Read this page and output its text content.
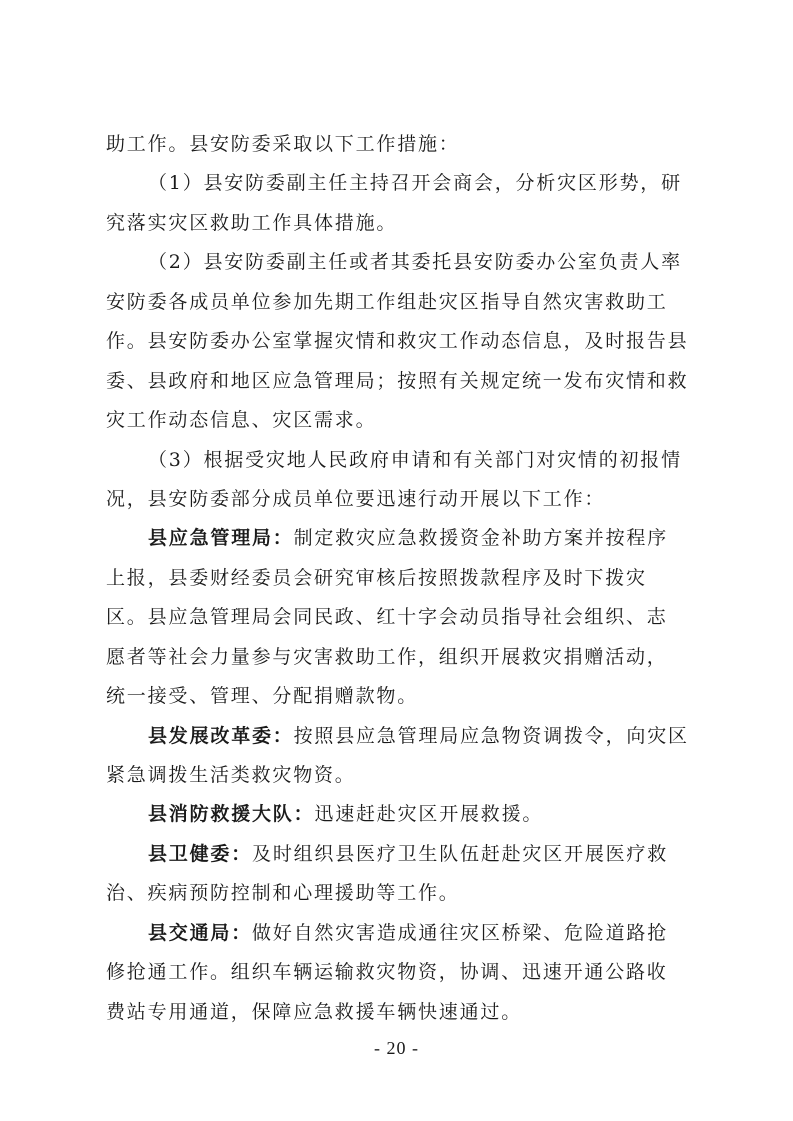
助工作。县安防委采取以下工作措施：
（1）县安防委副主任主持召开会商会，分析灾区形势，研
究落实灾区救助工作具体措施。
（2）县安防委副主任或者其委托县安防委办公室负责人率
安防委各成员单位参加先期工作组赴灾区指导自然灾害救助工
作。县安防委办公室掌握灾情和救灾工作动态信息，及时报告县
委、县政府和地区应急管理局；按照有关规定统一发布灾情和救
灾工作动态信息、灾区需求。
（3）根据受灾地人民政府申请和有关部门对灾情的初报情
况，县安防委部分成员单位要迅速行动开展以下工作：
县应急管理局：制定救灾应急救援资金补助方案并按程序
上报，县委财经委员会研究审核后按照拨款程序及时下拨灾
区。县应急管理局会同民政、红十字会动员指导社会组织、志
愿者等社会力量参与灾害救助工作，组织开展救灾捐赠活动，
统一接受、管理、分配捐赠款物。
县发展改革委：按照县应急管理局应急物资调拨令，向灾区
紧急调拨生活类救灾物资。
县消防救援大队：迅速赶赴灾区开展救援。
县卫健委：及时组织县医疗卫生队伍赶赴灾区开展医疗救
治、疾病预防控制和心理援助等工作。
县交通局：做好自然灾害造成通往灾区桥梁、危险道路抢
修抢通工作。组织车辆运输救灾物资，协调、迅速开通公路收
费站专用通道，保障应急救援车辆快速通过。
- 20 -
